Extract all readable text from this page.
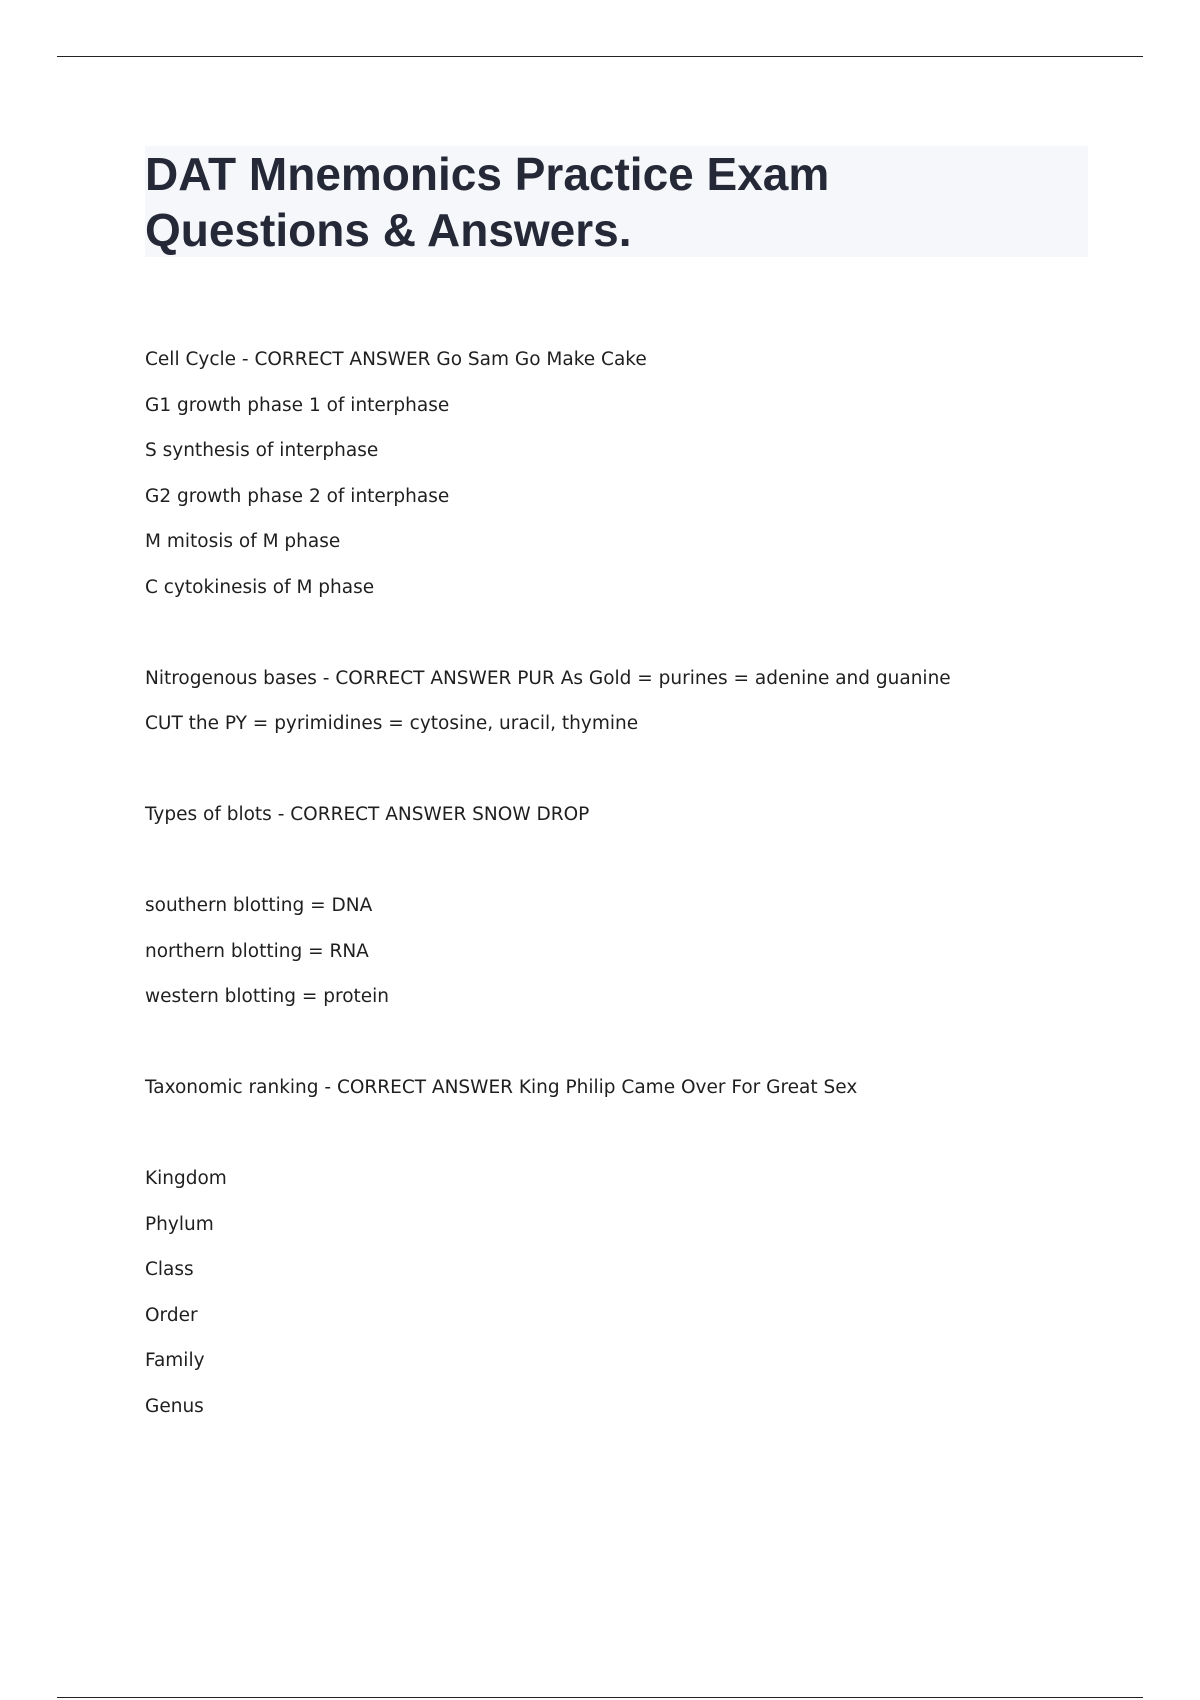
DAT Mnemonics Practice Exam Questions & Answers.

Cell Cycle - CORRECT ANSWER Go Sam Go Make Cake

G1 growth phase 1 of interphase

S synthesis of interphase

G2 growth phase 2 of interphase

M mitosis of M phase

C cytokinesis of M phase

Nitrogenous bases - CORRECT ANSWER PUR As Gold = purines = adenine and guanine

CUT the PY = pyrimidines = cytosine, uracil, thymine

Types of blots - CORRECT ANSWER SNOW DROP

southern blotting = DNA

northern blotting = RNA

western blotting = protein

Taxonomic ranking - CORRECT ANSWER King Philip Came Over For Great Sex

Kingdom

Phylum

Class

Order

Family

Genus
